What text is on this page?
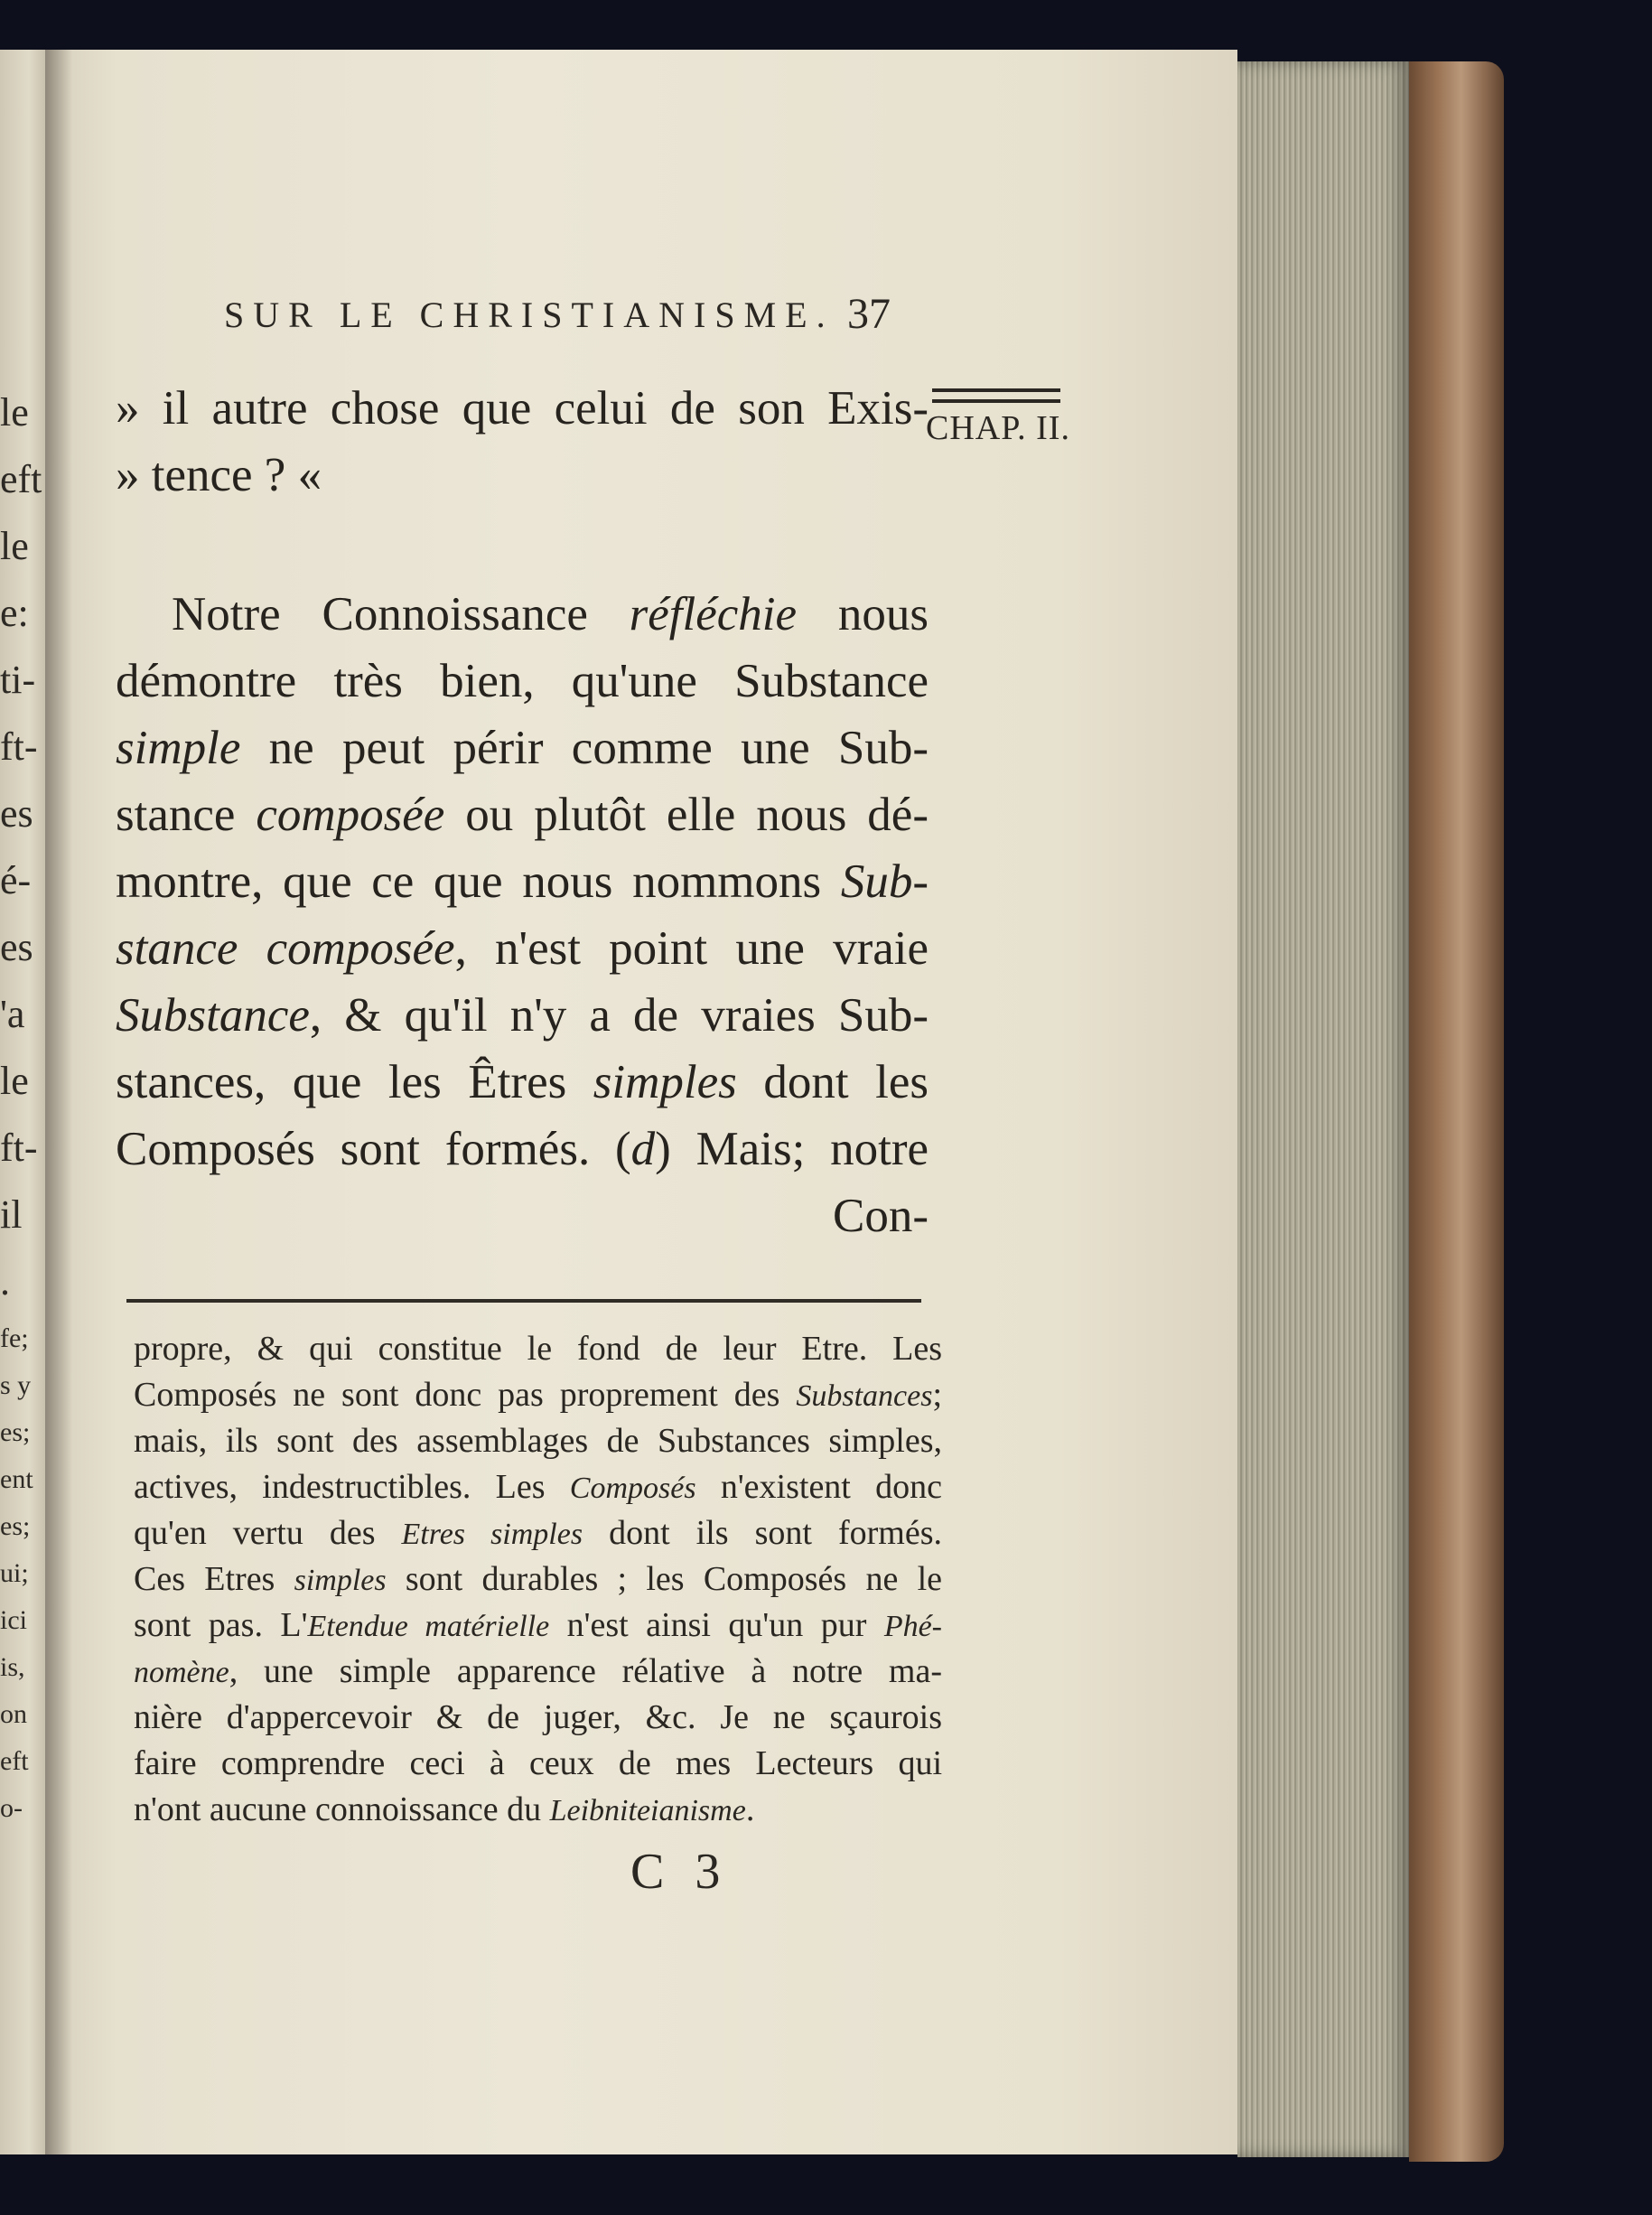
le
eft
le
e:
ti-
ft-
es
é-
es
'a
le
ft-
il
.
fe;
s y
es;
ent
es;
ui;
ici
is,
on
eft
o-
SUR LE CHRISTIANISME. 37
CHAP. II.
» il autre chose que celui de son Exis-
» tence ? «
Notre Connoissance réfléchie nous
démontre très bien, qu'une Substance
simple ne peut périr comme une Sub-
stance composée ou plutôt elle nous dé-
montre, que ce que nous nommons Sub-
stance composée, n'est point une vraie
Substance, & qu'il n'y a de vraies Sub-
stances, que les Êtres simples dont les
Composés sont formés. (d) Mais; notre
Con-
propre, & qui constitue le fond de leur Etre. Les
Composés ne sont donc pas proprement des Substances;
mais, ils sont des assemblages de Substances simples,
actives, indestructibles. Les Composés n'existent donc
qu'en vertu des Etres simples dont ils sont formés.
Ces Etres simples sont durables ; les Composés ne le
sont pas. L'Etendue matérielle n'est ainsi qu'un pur Phé-
nomène, une simple apparence rélative à notre ma-
nière d'appercevoir & de juger, &c. Je ne sçaurois
faire comprendre ceci à ceux de mes Lecteurs qui
n'ont aucune connoissance du Leibniteianisme.
C 3
